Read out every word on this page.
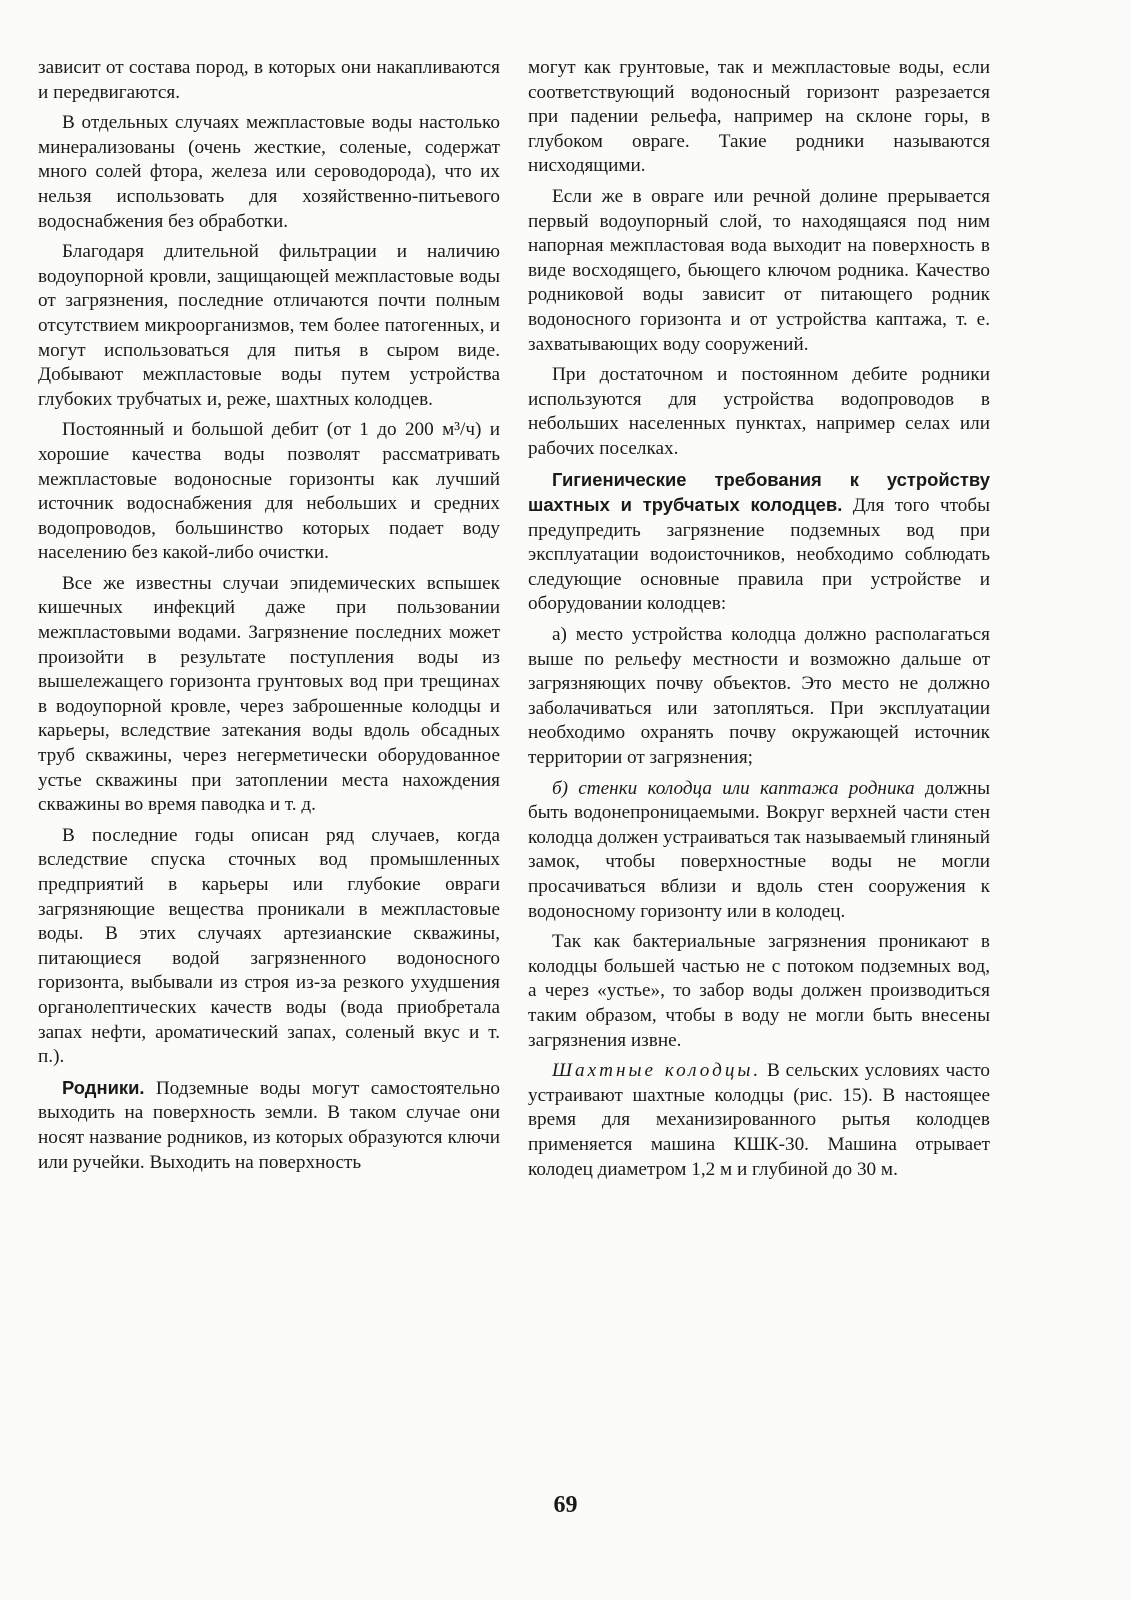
зависит от состава пород, в которых они накапливаются и передвигаются.

В отдельных случаях межпластовые воды настолько минерализованы (очень жесткие, соленые, содержат много солей фтора, железа или сероводорода), что их нельзя использовать для хозяйственно-питьевого водоснабжения без обработки.

Благодаря длительной фильтрации и наличию водоупорной кровли, защищающей межпластовые воды от загрязнения, последние отличаются почти полным отсутствием микроорганизмов, тем более патогенных, и могут использоваться для питья в сыром виде. Добывают межпластовые воды путем устройства глубоких трубчатых и, реже, шахтных колодцев.

Постоянный и большой дебит (от 1 до 200 м³/ч) и хорошие качества воды позволят рассматривать межпластовые водоносные горизонты как лучший источник водоснабжения для небольших и средних водопроводов, большинство которых подает воду населению без какой-либо очистки.

Все же известны случаи эпидемических вспышек кишечных инфекций даже при пользовании межпластовыми водами. Загрязнение последних может произойти в результате поступления воды из вышележащего горизонта грунтовых вод при трещинах в водоупорной кровле, через заброшенные колодцы и карьеры, вследствие затекания воды вдоль обсадных труб скважины, через негерметически оборудованное устье скважины при затоплении места нахождения скважины во время паводка и т. д.

В последние годы описан ряд случаев, когда вследствие спуска сточных вод промышленных предприятий в карьеры или глубокие овраги загрязняющие вещества проникали в межпластовые воды. В этих случаях артезианские скважины, питающиеся водой загрязненного водоносного горизонта, выбывали из строя из-за резкого ухудшения органолептических качеств воды (вода приобретала запах нефти, ароматический запах, соленый вкус и т. п.).

Родники. Подземные воды могут самостоятельно выходить на поверхность земли. В таком случае они носят название родников, из которых образуются ключи или ручейки. Выходить на поверхность

могут как грунтовые, так и межпластовые воды, если соответствующий водоносный горизонт разрезается при падении рельефа, например на склоне горы, в глубоком овраге. Такие родники называются нисходящими.

Если же в овраге или речной долине прерывается первый водоупорный слой, то находящаяся под ним напорная межпластовая вода выходит на поверхность в виде восходящего, бьющего ключом родника. Качество родниковой воды зависит от питающего родник водоносного горизонта и от устройства каптажа, т. е. захватывающих воду сооружений.

При достаточном и постоянном дебите родники используются для устройства водопроводов в небольших населенных пунктах, например селах или рабочих поселках.

Гигиенические требования к устройству шахтных и трубчатых колодцев. Для того чтобы предупредить загрязнение подземных вод при эксплуатации водоисточников, необходимо соблюдать следующие основные правила при устройстве и оборудовании колодцев:

а) место устройства колодца должно располагаться выше по рельефу местности и возможно дальше от загрязняющих почву объектов. Это место не должно заболачиваться или затопляться. При эксплуатации необходимо охранять почву окружающей источник территории от загрязнения;

б) стенки колодца или каптажа родника должны быть водонепроницаемыми. Вокруг верхней части стен колодца должен устраиваться так называемый глиняный замок, чтобы поверхностные воды не могли просачиваться вблизи и вдоль стен сооружения к водоносному горизонту или в колодец.

Так как бактериальные загрязнения проникают в колодцы большей частью не с потоком подземных вод, а через «устье», то забор воды должен производиться таким образом, чтобы в воду не могли быть внесены загрязнения извне.

Шахтные колодцы. В сельских условиях часто устраивают шахтные колодцы (рис. 15). В настоящее время для механизированного рытья колодцев применяется машина КШК-30. Машина отрывает колодец диаметром 1,2 м и глубиной до 30 м.

69
